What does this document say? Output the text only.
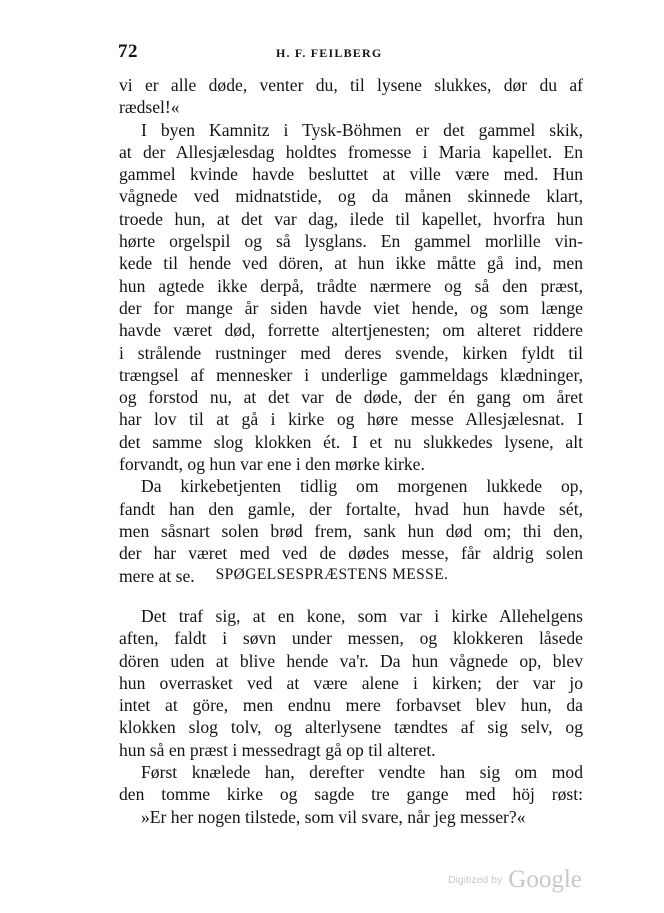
72	H. F. FEILBERG
vi er alle døde, venter du, til lysene slukkes, dør du af
rædsel!«
I byen Kamnitz i Tysk-Böhmen er det gammel skik,
at der Allesjælesdag holdtes fromesse i Maria kapellet. En
gammel kvinde havde besluttet at ville være med. Hun
vågnede ved midnatstide, og da månen skinnede klart,
troede hun, at det var dag, ilede til kapellet, hvorfra hun
hørte orgelspil og så lysglans. En gammel morlille vin-
kede til hende ved dören, at hun ikke måtte gå ind, men
hun agtede ikke derpå, trådte nærmere og så den præst,
der for mange år siden havde viet hende, og som længe
havde været død, forrette altertjenesten; om alteret riddere
i strålende rustninger med deres svende, kirken fyldt til
trængsel af mennesker i underlige gammeldags klædninger,
og forstod nu, at det var de døde, der én gang om året
har lov til at gå i kirke og høre messe Allesjælesnat. I
det samme slog klokken ét. I et nu slukkedes lysene, alt
forvandt, og hun var ene i den mørke kirke.
Da kirkebetjenten tidlig om morgenen lukkede op,
fandt han den gamle, der fortalte, hvad hun havde sét,
men såsnart solen brød frem, sank hun død om; thi den,
der har været med ved de dødes messe, får aldrig solen
mere at se.	SPØGELSESPRÆSTENS MESSE.
Det traf sig, at en kone, som var i kirke Allehelgens
aften, faldt i søvn under messen, og klokkeren låsede
dören uden at blive hende va'r. Da hun vågnede op, blev
hun overrasket ved at være alene i kirken; der var jo
intet at göre, men endnu mere forbavset blev hun, da
klokken slog tolv, og alterlysene tændtes af sig selv, og
hun så en præst i messedragt gå op til alteret.
Først knælede han, derefter vendte han sig om mod
den tomme kirke og sagde tre gange med höj røst:
»Er her nogen tilstede, som vil svare, når jeg messer?«
Digitized by Google
